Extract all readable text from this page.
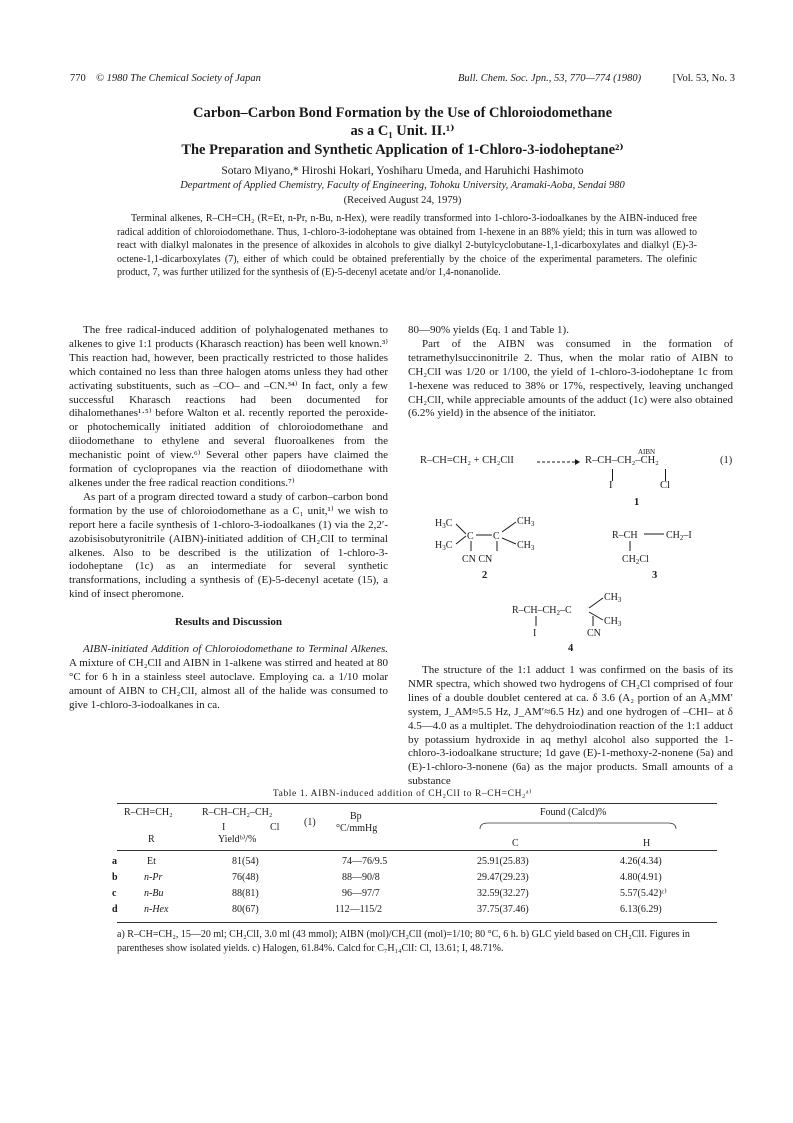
770 © 1980 The Chemical Society of Japan	Bull. Chem. Soc. Jpn., 53, 770—774 (1980)	[Vol. 53, No. 3
Carbon–Carbon Bond Formation by the Use of Chloroiodomethane
as a C₁ Unit. II.¹⁾
The Preparation and Synthetic Application of 1-Chloro-3-iodoheptane²⁾
Sotaro Miyano,* Hiroshi Hokari, Yoshiharu Umeda, and Haruhichi Hashimoto
Department of Applied Chemistry, Faculty of Engineering, Tohoku University, Aramaki-Aoba, Sendai 980
(Received August 24, 1979)

Terminal alkenes, R–CH=CH₂ (R=Et, n-Pr, n-Bu, n-Hex), were readily transformed into 1-chloro-3-iodoalkanes by the AIBN-induced free radical addition of chloroiodomethane. Thus, 1-chloro-3-iodoheptane was obtained from 1-hexene in an 88% yield; this in turn was allowed to react with dialkyl malonates in the presence of alkoxides in alcohols to give dialkyl 2-butylcyclobutane-1,1-dicarboxylates and dialkyl (E)-3-octene-1,1-dicarboxylates (7), either of which could be obtained preferentially by the choice of the experimental parameters. The olefinic product, 7, was further utilized for the synthesis of (E)-5-decenyl acetate and/or 1,4-nonanolide.

The free radical-induced addition of polyhalogenated methanes to alkenes to give 1:1 products (Kharasch reaction) has been well known.³⁾ This reaction had, however, been practically restricted to those halides which contained no less than three halogen atoms unless they had other activating substituents, such as –CO– and –CN.³⁴⁾ In fact, only a few successful Kharasch reactions had been documented for dihalomethanes¹·⁵⁾ before Walton et al. recently reported the peroxide- or photochemically initiated addition of chloroiodomethane and diiodomethane to ethylene and several fluoroalkenes from the mechanistic point of view.⁶⁾ Several other papers have claimed the formation of cyclopropanes via the reaction of diiodomethane with alkenes under the free radical reaction conditions.⁷⁾

As part of a program directed toward a study of carbon–carbon bond formation by the use of chloroiodomethane as a C₁ unit,¹⁾ we wish to report here a facile synthesis of 1-chloro-3-iodoalkanes (1) via the 2,2′-azobisisobutyronitrile (AIBN)-initiated addition of CH₂ClI to terminal alkenes. Also to be described is the utilization of 1-chloro-3-iodoheptane (1c) as an intermediate for several synthetic transformations, including a synthesis of (E)-5-decenyl acetate (15), a kind of insect pheromone.

Results and Discussion

AIBN-initiated Addition of Chloroiodomethane to Terminal Alkenes. A mixture of CH₂ClI and AIBN in 1-alkene was stirred and heated at 80 °C for 6 h in a stainless steel autoclave. Employing ca. a 1/10 molar amount of AIBN to CH₂ClI, almost all of the halide was consumed to give 1-chloro-3-iodoalkanes in ca.

80—90% yields (Eq. 1 and Table 1).

Part of the AIBN was consumed in the formation of tetramethylsuccinonitrile 2. Thus, when the molar ratio of AIBN to CH₂ClI was 1/20 or 1/100, the yield of 1-chloro-3-iodoheptane 1c from 1-hexene was reduced to 38% or 17%, respectively, leaving unchanged CH₂ClI, while appreciable amounts of the adduct (1c) were also obtained (6.2% yield) in the absence of the initiator.

AIBN
R–CH=CH₂ + CH₂ClI → R–CH–CH₂–CH₂	(1)
I	Cl
1
$H_3C$
$H_3C$
C C
$CH_3$
$CH_3$
CN CN
2
R–CH	$CH_2-I$
$CH_2Cl$
3
$R-CH-CH_2-C$
$CH_3$
$CH_3$
I	CN
4

The structure of the 1:1 adduct 1 was confirmed on the basis of its NMR spectra, which showed two hydrogens of CH₂Cl comprised of four lines of a double doublet centered at ca. δ 3.6 (A₂ portion of an A₂MM′ system, J_AM≈5.5 Hz, J_AM′≈6.5 Hz) and one hydrogen of –CHI– at δ 4.5—4.0 as a multiplet. The dehydroiodination reaction of the 1:1 adduct by potassium hydroxide in aq methyl alcohol also supported the 1-chloro-3-iodoalkane structure; 1d gave (E)-1-methoxy-2-nonene (5a) and (E)-1-chloro-3-nonene (6a) as the major products. Small amounts of a substance

Table 1. AIBN-induced addition of CH₂ClI to R–CH=CH₂ᵃ⁾
R–CH=CH₂
R
R–CH–CH₂–CH₂
I	Cl (1)
Yieldᵇ⁾/%
Bp
°C/mmHg
Found (Calcd)%
C	H
a	Et	81(54)	74—76/9.5	25.91(25.83)	4.26(4.34)
b	n-Pr	76(48)	88—90/8	29.47(29.23)	4.80(4.91)
c	n-Bu	88(81)	96—97/7	32.59(32.27)	5.57(5.42)ᶜ⁾
d	n-Hex	80(67)	112—115/2	37.75(37.46)	6.13(6.29)

a) R–CH=CH₂, 15—20 ml; CH₂ClI, 3.0 ml (43 mmol); AIBN (mol)/CH₂ClI (mol)=1/10; 80 °C, 6 h. b) GLC yield based on CH₂ClI. Figures in parentheses show isolated yields. c) Halogen, 61.84%. Calcd for C₇H₁₄ClI: Cl, 13.61; I, 48.71%.
